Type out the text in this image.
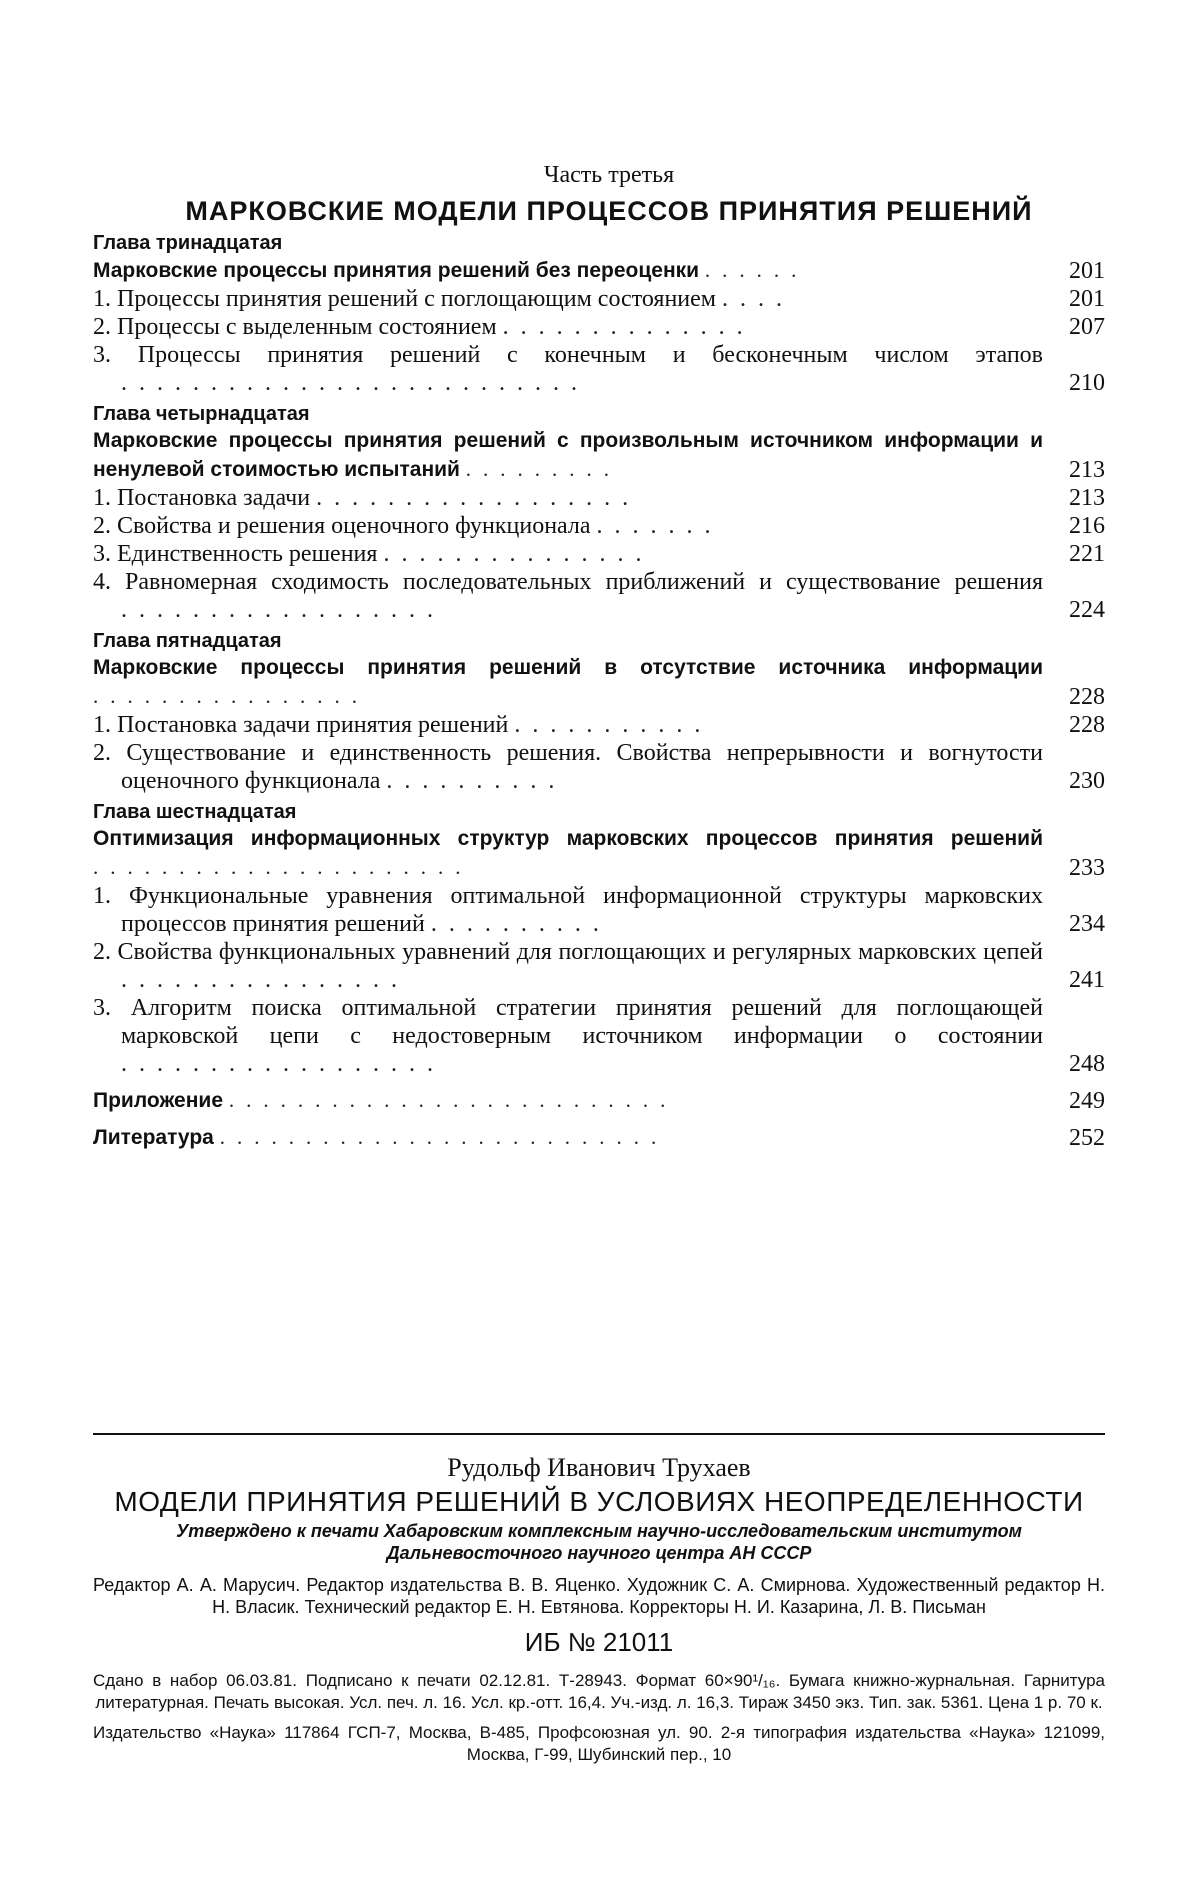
Часть третья
МАРКОВСКИЕ МОДЕЛИ ПРОЦЕССОВ ПРИНЯТИЯ РЕШЕНИЙ
Глава тринадцатая
Марковские процессы принятия решений без переоценки ......	201
1. Процессы принятия решений с поглощающим состоянием ....	201
2. Процессы с выделенным состоянием ..............	207
3. Процессы принятия решений с конечным и бесконечным числом этапов ..........................	210
Глава четырнадцатая
Марковские процессы принятия решений с произвольным источником информации и ненулевой стоимостью испытаний .........	213
1. Постановка задачи ..................	213
2. Свойства и решения оценочного функционала .......	216
3. Единственность решения ...............	221
4. Равномерная сходимость последовательных приближений и существование решения ..................	224
Глава пятнадцатая
Марковские процессы принятия решений в отсутствие источника информации ................	228
1. Постановка задачи принятия решений ...........	228
2. Существование и единственность решения. Свойства непрерывности и вогнутости оценочного функционала ..........	230
Глава шестнадцатая
Оптимизация информационных структур марковских процессов принятия решений ......................	233
1. Функциональные уравнения оптимальной информационной структуры марковских процессов принятия решений ..........	234
2. Свойства функциональных уравнений для поглощающих и регулярных марковских цепей ................	241
3. Алгоритм поиска оптимальной стратегии принятия решений для поглощающей марковской цепи с недостоверным источником информации о состоянии ..................	248
Приложение ..........................	249
Литература ..........................	252
Рудольф Иванович Трухаев
МОДЕЛИ ПРИНЯТИЯ РЕШЕНИЙ В УСЛОВИЯХ НЕОПРЕДЕЛЕННОСТИ
Утверждено к печати Хабаровским комплексным научно-исследовательским институтом Дальневосточного научного центра АН СССР
Редактор А. А. Марусич. Редактор издательства В. В. Яценко. Художник С. А. Смирнова. Художественный редактор Н. Н. Власик. Технический редактор Е. Н. Евтянова. Корректоры Н. И. Казарина, Л. В. Письман
ИБ № 21011
Сдано в набор 06.03.81. Подписано к печати 02.12.81. Т-28943. Формат 60×90¹/₁₆. Бумага книжно-журнальная. Гарнитура литературная. Печать высокая. Усл. печ. л. 16. Усл. кр.-отт. 16,4. Уч.-изд. л. 16,3. Тираж 3450 экз. Тип. зак. 5361. Цена 1 р. 70 к.
Издательство «Наука» 117864 ГСП-7, Москва, В-485, Профсоюзная ул. 90. 2-я типография издательства «Наука» 121099, Москва, Г-99, Шубинский пер., 10
